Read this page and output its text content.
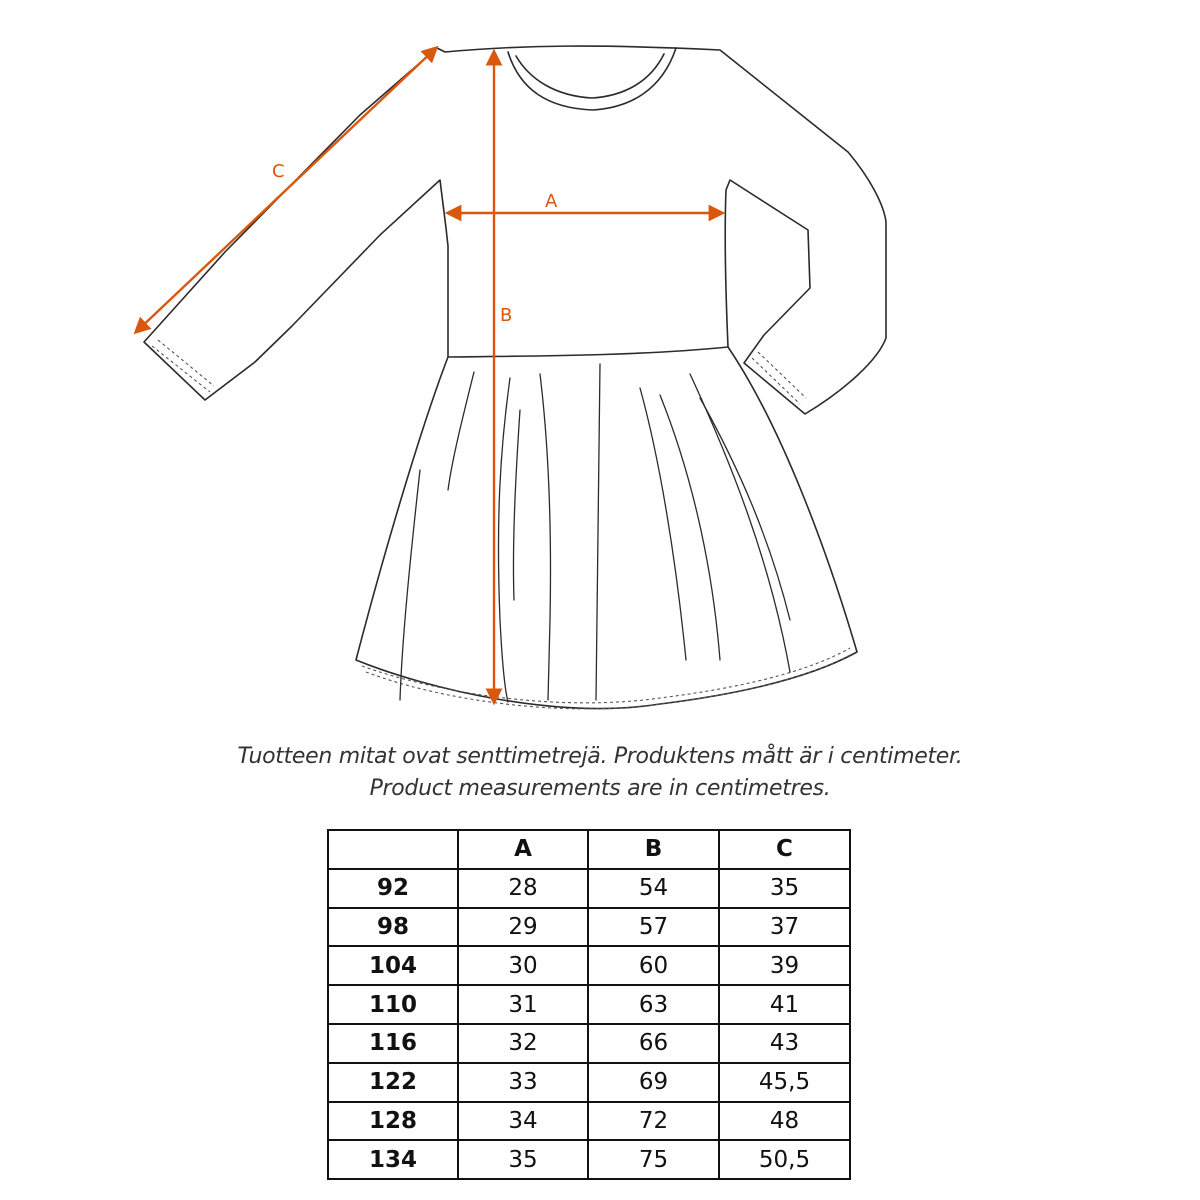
A
B
C
Tuotteen mitat ovat senttimetrejä. Produktens mått är i centimeter.
Product measurements are in centimetres.
	A	B	C
92	28	54	35
98	29	57	37
104	30	60	39
110	31	63	41
116	32	66	43
122	33	69	45,5
128	34	72	48
134	35	75	50,5
